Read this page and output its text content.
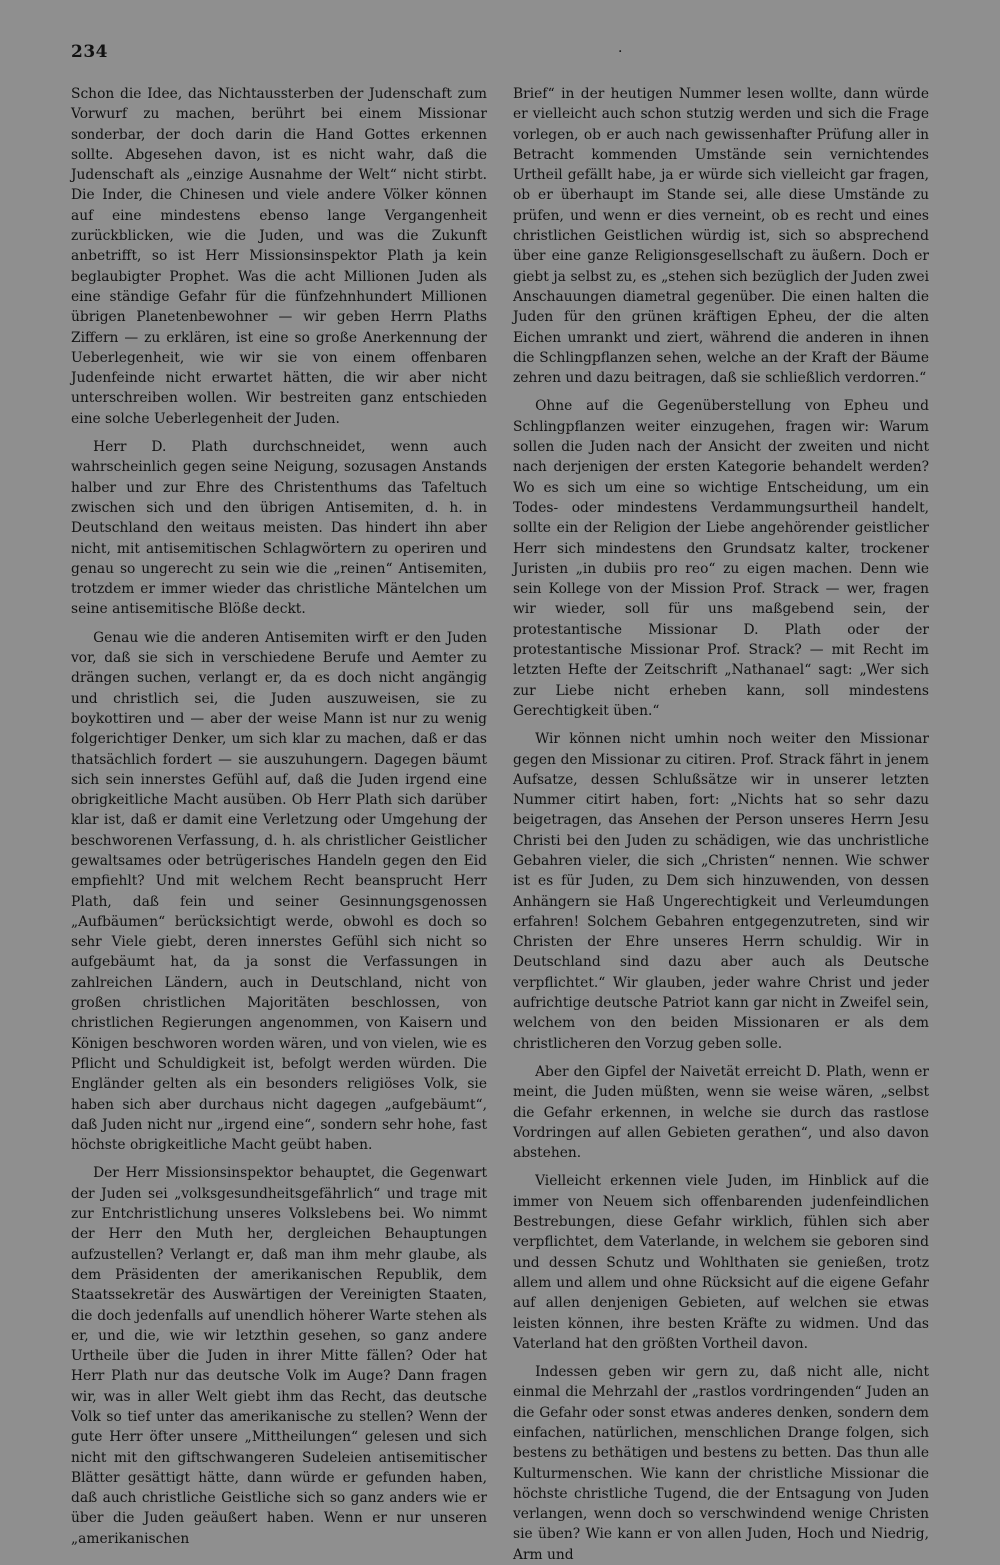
234	·

Schon die Idee, das Nichtaussterben der Judenschaft zum Vorwurf zu machen, berührt bei einem Missionar sonderbar, der doch darin die Hand Gottes erkennen sollte. Abgesehen davon, ist es nicht wahr, daß die Judenschaft als „einzige Ausnahme der Welt“ nicht stirbt. Die Inder, die Chinesen und viele andere Völker können auf eine mindestens ebenso lange Vergangenheit zurückblicken, wie die Juden, und was die Zukunft anbetrifft, so ist Herr Missionsinspektor Plath ja kein beglaubigter Prophet. Was die acht Millionen Juden als eine ständige Gefahr für die fünfzehnhundert Millionen übrigen Planetenbewohner — wir geben Herrn Plaths Ziffern — zu erklären, ist eine so große Anerkennung der Ueberlegenheit, wie wir sie von einem offenbaren Judenfeinde nicht erwartet hätten, die wir aber nicht unterschreiben wollen. Wir bestreiten ganz entschieden eine solche Ueberlegenheit der Juden.

Herr D. Plath durchschneidet, wenn auch wahrscheinlich gegen seine Neigung, sozusagen Anstands halber und zur Ehre des Christenthums das Tafeltuch zwischen sich und den übrigen Antisemiten, d. h. in Deutschland den weitaus meisten. Das hindert ihn aber nicht, mit antisemitischen Schlagwörtern zu operiren und genau so ungerecht zu sein wie die „reinen“ Antisemiten, trotzdem er immer wieder das christliche Mäntelchen um seine antisemitische Blöße deckt.

Genau wie die anderen Antisemiten wirft er den Juden vor, daß sie sich in verschiedene Berufe und Aemter zu drängen suchen, verlangt er, da es doch nicht angängig und christlich sei, die Juden auszuweisen, sie zu boykottiren und — aber der weise Mann ist nur zu wenig folgerichtiger Denker, um sich klar zu machen, daß er das thatsächlich fordert — sie auszuhungern. Dagegen bäumt sich sein innerstes Gefühl auf, daß die Juden irgend eine obrigkeitliche Macht ausüben. Ob Herr Plath sich darüber klar ist, daß er damit eine Verletzung oder Umgehung der beschworenen Verfassung, d. h. als christlicher Geistlicher gewaltsames oder betrügerisches Handeln gegen den Eid empfiehlt? Und mit welchem Recht beansprucht Herr Plath, daß fein und seiner Gesinnungsgenossen „Aufbäumen“ berücksichtigt werde, obwohl es doch so sehr Viele giebt, deren innerstes Gefühl sich nicht so aufgebäumt hat, da ja sonst die Verfassungen in zahlreichen Ländern, auch in Deutschland, nicht von großen christlichen Majoritäten beschlossen, von christlichen Regierungen angenommen, von Kaisern und Königen beschworen worden wären, und von vielen, wie es Pflicht und Schuldigkeit ist, befolgt werden würden. Die Engländer gelten als ein besonders religiöses Volk, sie haben sich aber durchaus nicht dagegen „aufgebäumt“, daß Juden nicht nur „irgend eine“, sondern sehr hohe, fast höchste obrigkeitliche Macht geübt haben.

Der Herr Missionsinspektor behauptet, die Gegenwart der Juden sei „volksgesundheitsgefährlich“ und trage mit zur Entchristlichung unseres Volkslebens bei. Wo nimmt der Herr den Muth her, dergleichen Behauptungen aufzustellen? Verlangt er, daß man ihm mehr glaube, als dem Präsidenten der amerikanischen Republik, dem Staatssekretär des Auswärtigen der Vereinigten Staaten, die doch jedenfalls auf unendlich höherer Warte stehen als er, und die, wie wir letzthin gesehen, so ganz andere Urtheile über die Juden in ihrer Mitte fällen? Oder hat Herr Plath nur das deutsche Volk im Auge? Dann fragen wir, was in aller Welt giebt ihm das Recht, das deutsche Volk so tief unter das amerikanische zu stellen? Wenn der gute Herr öfter unsere „Mittheilungen“ gelesen und sich nicht mit den giftschwangeren Sudeleien antisemitischer Blätter gesättigt hätte, dann würde er gefunden haben, daß auch christliche Geistliche sich so ganz anders wie er über die Juden geäußert haben. Wenn er nur unseren „amerikanischen

Brief“ in der heutigen Nummer lesen wollte, dann würde er vielleicht auch schon stutzig werden und sich die Frage vorlegen, ob er auch nach gewissenhafter Prüfung aller in Betracht kommenden Umstände sein vernichtendes Urtheil gefällt habe, ja er würde sich vielleicht gar fragen, ob er überhaupt im Stande sei, alle diese Umstände zu prüfen, und wenn er dies verneint, ob es recht und eines christlichen Geistlichen würdig ist, sich so absprechend über eine ganze Religionsgesellschaft zu äußern. Doch er giebt ja selbst zu, es „stehen sich bezüglich der Juden zwei Anschauungen diametral gegenüber. Die einen halten die Juden für den grünen kräftigen Epheu, der die alten Eichen umrankt und ziert, während die anderen in ihnen die Schlingpflanzen sehen, welche an der Kraft der Bäume zehren und dazu beitragen, daß sie schließlich verdorren.“

Ohne auf die Gegenüberstellung von Epheu und Schlingpflanzen weiter einzugehen, fragen wir: Warum sollen die Juden nach der Ansicht der zweiten und nicht nach derjenigen der ersten Kategorie behandelt werden? Wo es sich um eine so wichtige Entscheidung, um ein Todes- oder mindestens Verdammungsurtheil handelt, sollte ein der Religion der Liebe angehörender geistlicher Herr sich mindestens den Grundsatz kalter, trockener Juristen „in dubiis pro reo“ zu eigen machen. Denn wie sein Kollege von der Mission Prof. Strack — wer, fragen wir wieder, soll für uns maßgebend sein, der protestantische Missionar D. Plath oder der protestantische Missionar Prof. Strack? — mit Recht im letzten Hefte der Zeitschrift „Nathanael“ sagt: „Wer sich zur Liebe nicht erheben kann, soll mindestens Gerechtigkeit üben.“

Wir können nicht umhin noch weiter den Missionar gegen den Missionar zu citiren. Prof. Strack fährt in jenem Aufsatze, dessen Schlußsätze wir in unserer letzten Nummer citirt haben, fort: „Nichts hat so sehr dazu beigetragen, das Ansehen der Person unseres Herrn Jesu Christi bei den Juden zu schädigen, wie das unchristliche Gebahren vieler, die sich „Christen“ nennen. Wie schwer ist es für Juden, zu Dem sich hinzuwenden, von dessen Anhängern sie Haß Ungerechtigkeit und Verleumdungen erfahren! Solchem Gebahren entgegenzutreten, sind wir Christen der Ehre unseres Herrn schuldig. Wir in Deutschland sind dazu aber auch als Deutsche verpflichtet.“ Wir glauben, jeder wahre Christ und jeder aufrichtige deutsche Patriot kann gar nicht in Zweifel sein, welchem von den beiden Missionaren er als dem christlicheren den Vorzug geben solle.

Aber den Gipfel der Naivetät erreicht D. Plath, wenn er meint, die Juden müßten, wenn sie weise wären, „selbst die Gefahr erkennen, in welche sie durch das rastlose Vordringen auf allen Gebieten gerathen“, und also davon abstehen.

Vielleicht erkennen viele Juden, im Hinblick auf die immer von Neuem sich offenbarenden judenfeindlichen Bestrebungen, diese Gefahr wirklich, fühlen sich aber verpflichtet, dem Vaterlande, in welchem sie geboren sind und dessen Schutz und Wohlthaten sie genießen, trotz allem und allem und ohne Rücksicht auf die eigene Gefahr auf allen denjenigen Gebieten, auf welchen sie etwas leisten können, ihre besten Kräfte zu widmen. Und das Vaterland hat den größten Vortheil davon.

Indessen geben wir gern zu, daß nicht alle, nicht einmal die Mehrzahl der „rastlos vordringenden“ Juden an die Gefahr oder sonst etwas anderes denken, sondern dem einfachen, natürlichen, menschlichen Drange folgen, sich bestens zu bethätigen und bestens zu betten. Das thun alle Kulturmenschen. Wie kann der christliche Missionar die höchste christliche Tugend, die der Entsagung von Juden verlangen, wenn doch so verschwindend wenige Christen sie üben? Wie kann er von allen Juden, Hoch und Niedrig, Arm und
